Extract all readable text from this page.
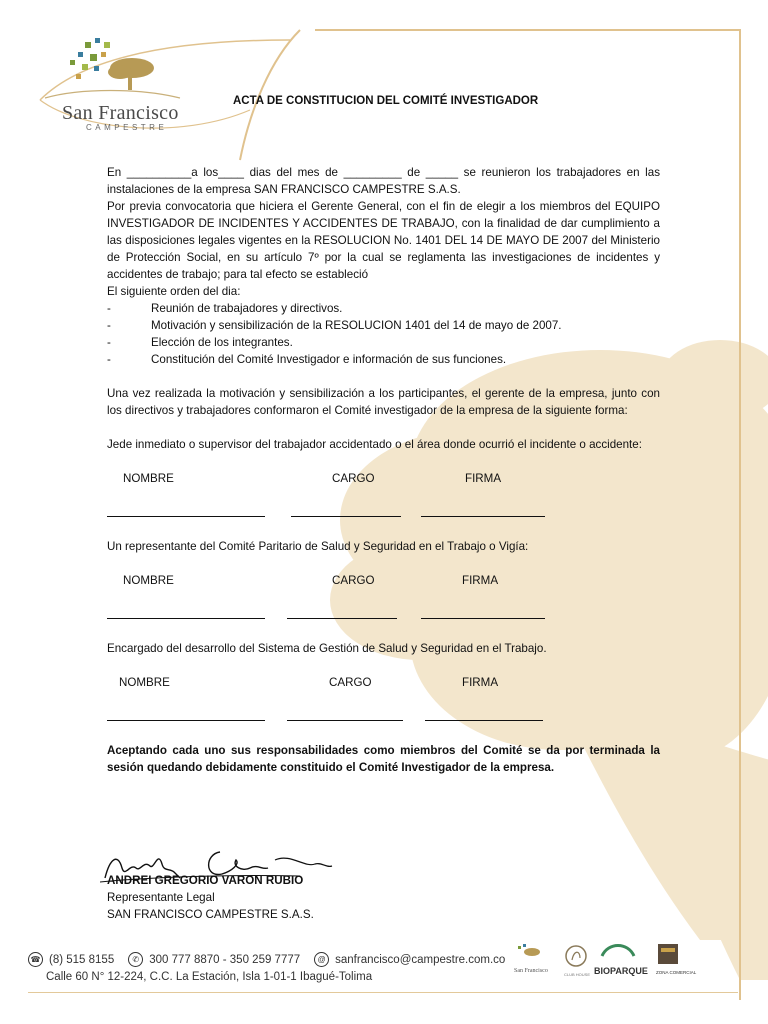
San Francisco
CAMPESTRE
ACTA DE CONSTITUCION DEL COMITÉ INVESTIGADOR

En __________a los____ dias del mes de _________ de _____ se reunieron los trabajadores en las instalaciones de la empresa SAN FRANCISCO CAMPESTRE S.A.S.

Por previa convocatoria que hiciera el Gerente General, con el fin de elegir a los miembros del EQUIPO INVESTIGADOR DE INCIDENTES Y ACCIDENTES DE TRABAJO, con la finalidad de dar cumplimiento a las disposiciones legales vigentes en la RESOLUCION No. 1401 DEL 14 DE MAYO DE 2007 del Ministerio de Protección Social, en su artículo 7º por la cual se reglamenta las investigaciones de incidentes y accidentes de trabajo; para tal efecto se estableció

El siguiente orden del dia:

-	Reunión de trabajadores y directivos.
-	Motivación y sensibilización de la RESOLUCION 1401 del 14 de mayo de 2007.
-	Elección de los integrantes.
-	Constitución del Comité Investigador e información de sus funciones.

Una vez realizada la motivación y sensibilización a los participantes, el gerente de la empresa, junto con los directivos y trabajadores conformaron el Comité investigador de la empresa de la siguiente forma:

Jede inmediato o supervisor del trabajador accidentado o el área donde ocurrió el incidente o accidente:

NOMBRE	CARGO	FIRMA

Un representante del Comité Paritario de Salud y Seguridad en el Trabajo o Vigía:

NOMBRE	CARGO	FIRMA

Encargado del desarrollo del Sistema de Gestión de Salud y Seguridad en el Trabajo.

NOMBRE	CARGO	FIRMA

Aceptando cada uno sus responsabilidades como miembros del Comité se da por terminada la sesión quedando debidamente constituido el Comité Investigador de la empresa.

ANDREI GREGORIO VARON RUBIO
Representante Legal
SAN FRANCISCO CAMPESTRE S.A.S.
☎ (8) 515 8155	✆ 300 777 8870 - 350 259 7777	@ sanfrancisco@campestre.com.co
Calle 60 N° 12-224, C.C. La Estación, Isla 1-01-1 Ibagué-Tolima	San Francisco
CLUB HOUSE BIOPARQUE ZONA COMERCIAL
